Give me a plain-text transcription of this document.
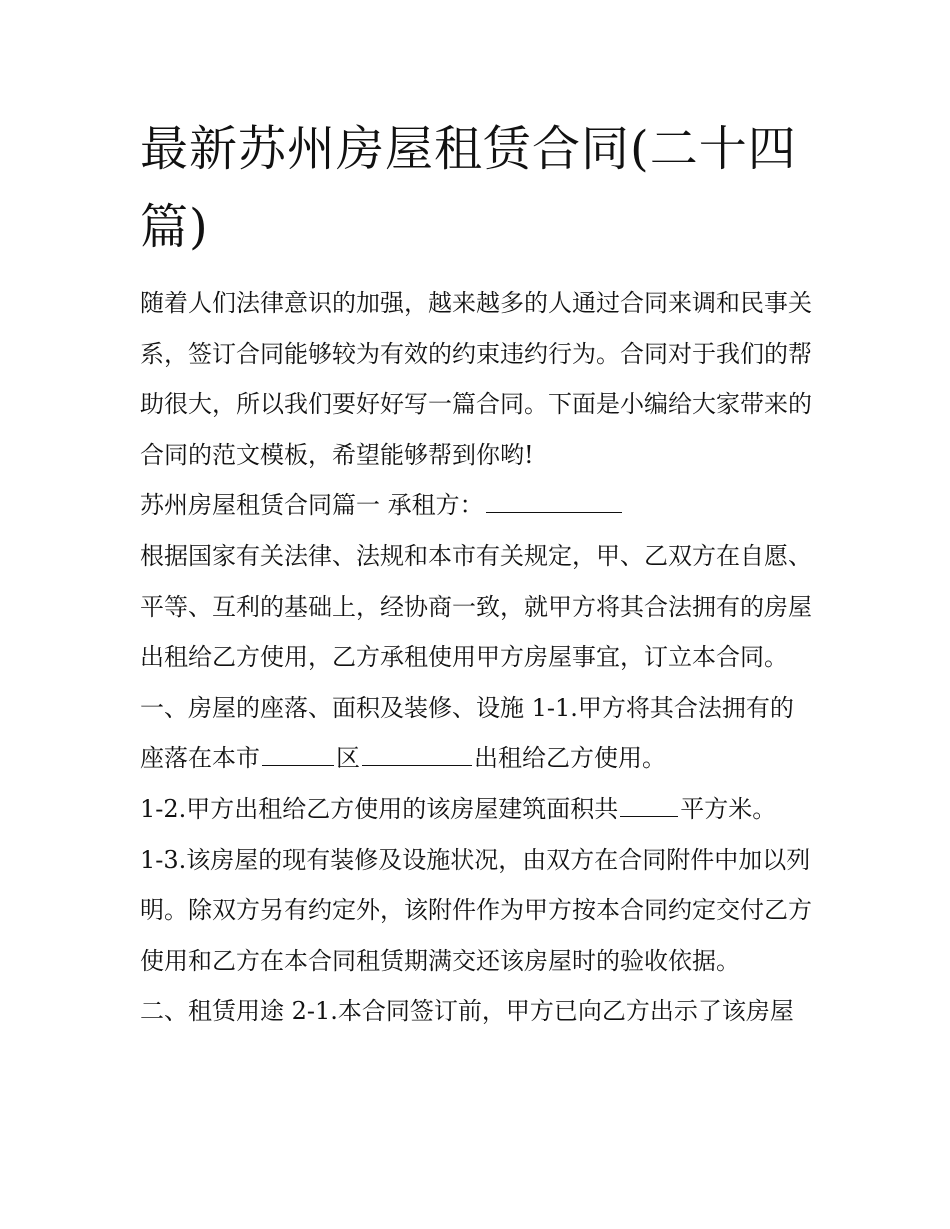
最新苏州房屋租赁合同(二十四篇)

随着人们法律意识的加强，越来越多的人通过合同来调和民事关系，签订合同能够较为有效的约束违约行为。合同对于我们的帮助很大，所以我们要好好写一篇合同。下面是小编给大家带来的合同的范文模板，希望能够帮到你哟!

苏州房屋租赁合同篇一 承租方：

根据国家有关法律、法规和本市有关规定，甲、乙双方在自愿、平等、互利的基础上，经协商一致，就甲方将其合法拥有的房屋出租给乙方使用，乙方承租使用甲方房屋事宜，订立本合同。

一、房屋的座落、面积及装修、设施 1-1.甲方将其合法拥有的

座落在本市	区	出租给乙方使用。

1-2.甲方出租给乙方使用的该房屋建筑面积共	平方米。

1-3.该房屋的现有装修及设施状况，由双方在合同附件中加以列明。除双方另有约定外，该附件作为甲方按本合同约定交付乙方使用和乙方在本合同租赁期满交还该房屋时的验收依据。

二、租赁用途 2-1.本合同签订前，甲方已向乙方出示了该房屋
